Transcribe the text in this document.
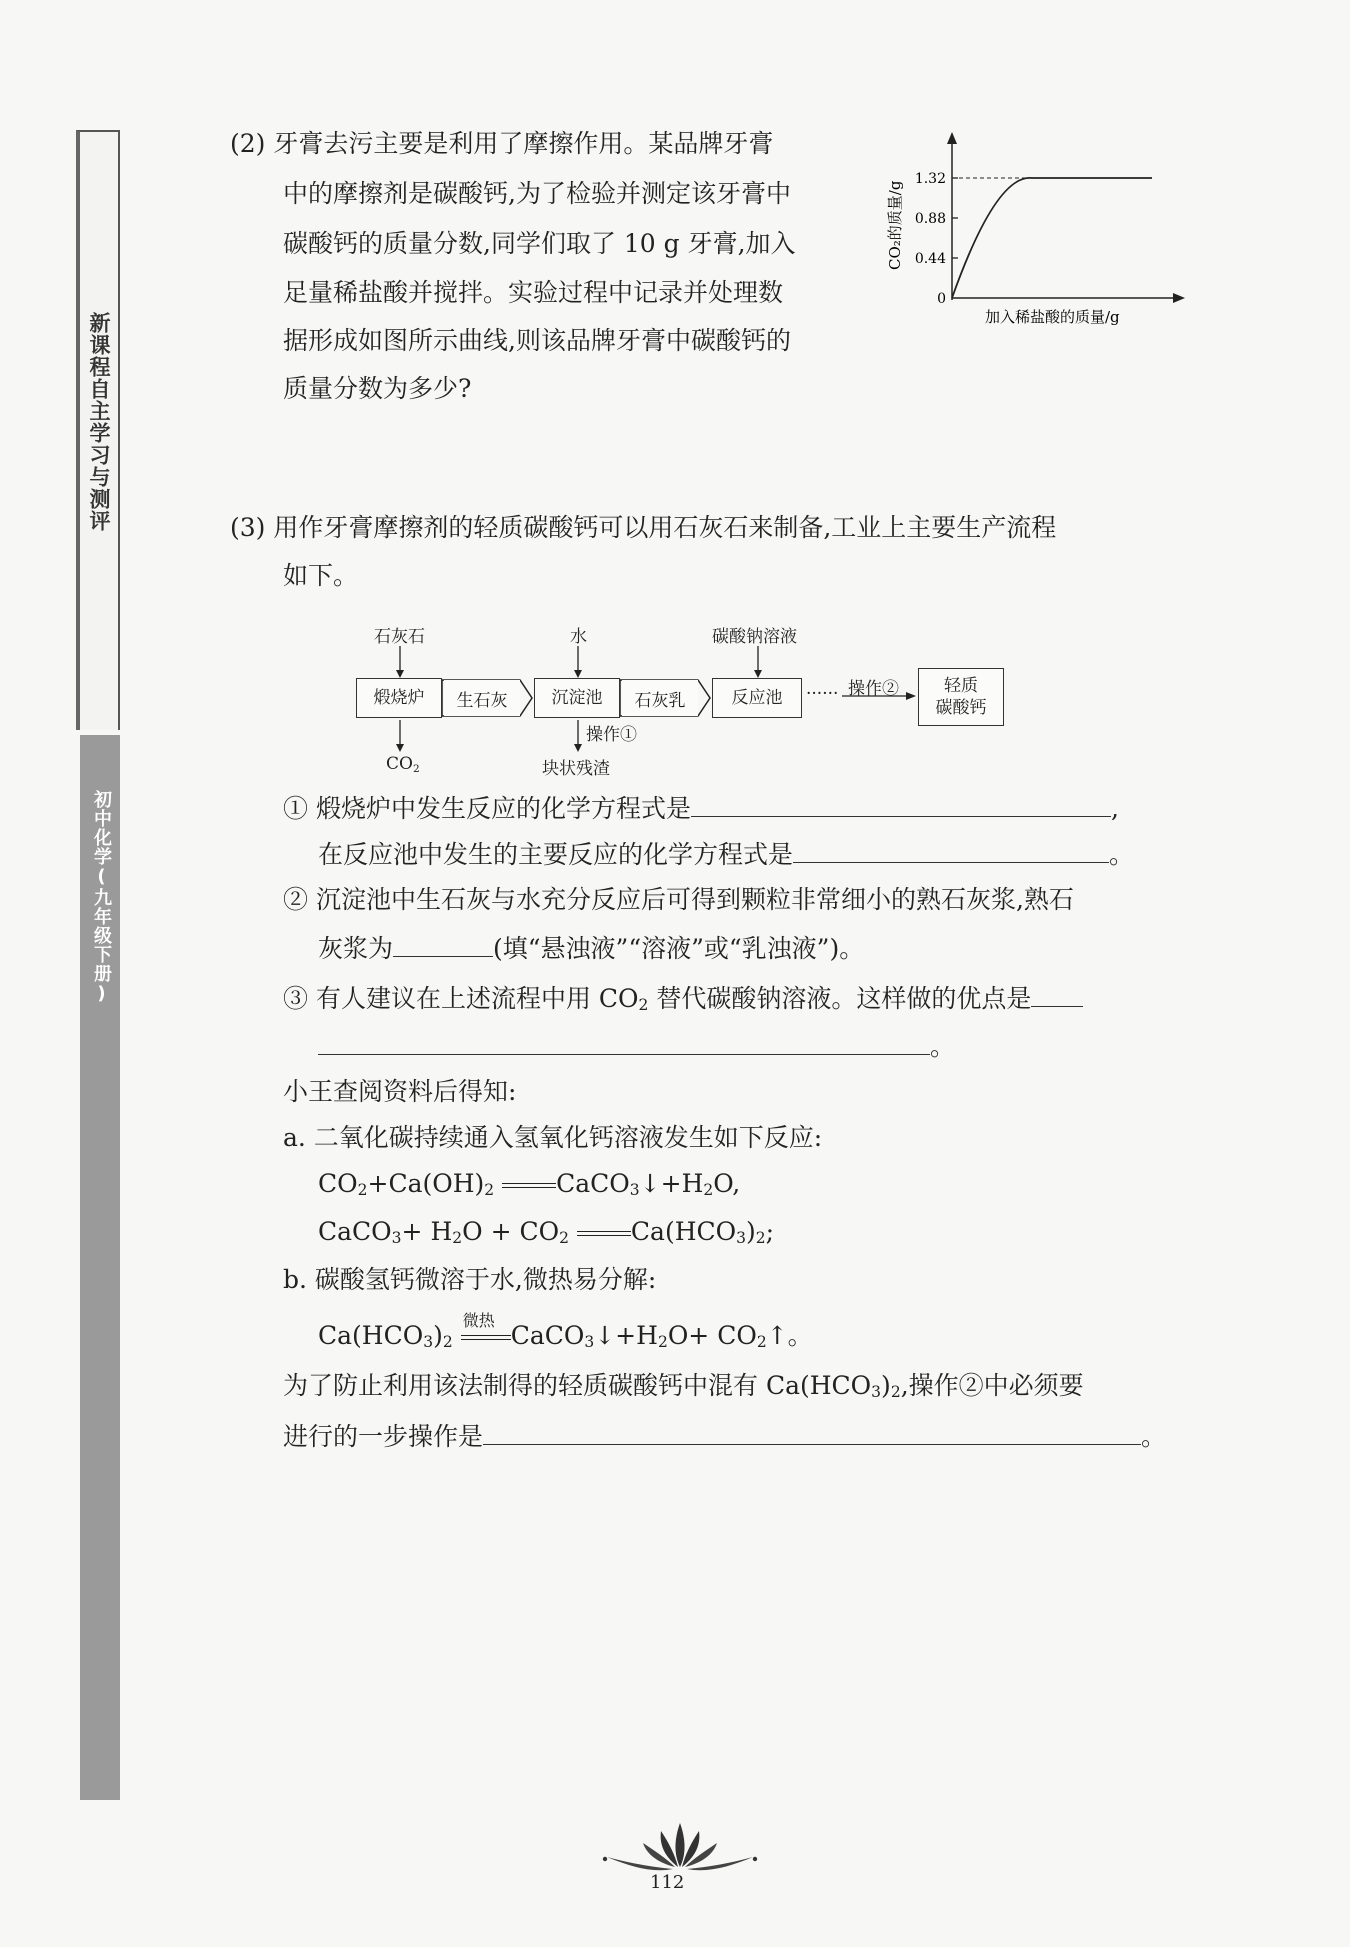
新课程自主学习与测评
初中化学(九年级下册)
(2) 牙膏去污主要是利用了摩擦作用。某品牌牙膏
中的摩擦剂是碳酸钙,为了检验并测定该牙膏中
碳酸钙的质量分数,同学们取了 10 g 牙膏,加入
足量稀盐酸并搅拌。实验过程中记录并处理数
据形成如图所示曲线,则该品牌牙膏中碳酸钙的
质量分数为多少?
1.32
0.88
0.44
0
CO₂的质量/g
加入稀盐酸的质量/g
(3) 用作牙膏摩擦剂的轻质碳酸钙可以用石灰石来制备,工业上主要生产流程
如下。
石灰石	水	碳酸钠溶液
煅烧炉	生石灰	沉淀池	石灰乳	反应池	······ 操作②	轻质
碳酸钙
操作①
$CO_2$	块状残渣
① 煅烧炉中发生反应的化学方程式是	,
在反应池中发生的主要反应的化学方程式是	。
② 沉淀池中生石灰与水充分反应后可得到颗粒非常细小的熟石灰浆,熟石
灰浆为	(填“悬浊液”“溶液”或“乳浊液”)。
③ 有人建议在上述流程中用 $CO_2$ 替代碳酸钠溶液。这样做的优点是
。
小王查阅资料后得知:
a. 二氧化碳持续通入氢氧化钙溶液发生如下反应:
$CO_2+Ca(OH)_2$ $CaCO_3↓+H_2O$,
CaCO$_3$+ $H_2O + CO_2$ $Ca(HCO_3)_2$;
b. 碳酸氢钙微溶于水,微热易分解:
$Ca(HCO_3)_2$
微热
$CaCO_3↓+H_2O+$ $CO_2↑$。
为了防止利用该法制得的轻质碳酸钙中混有 $Ca(HCO_3)_2$,操作②中必须要
进行的一步操作是	。
112
